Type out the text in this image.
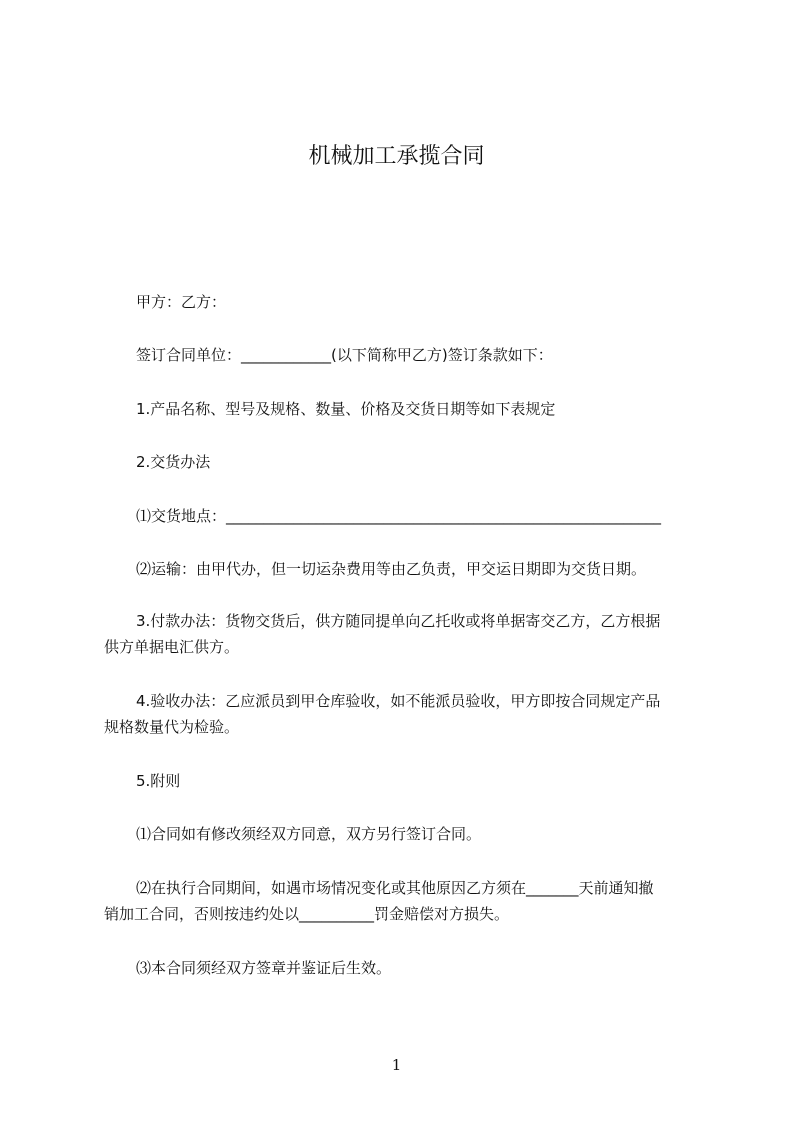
机械加工承揽合同
甲方：乙方：
签订合同单位：____________(以下简称甲乙方)签订条款如下：
1.产品名称、型号及规格、数量、价格及交货日期等如下表规定
2.交货办法
⑴交货地点：__________________________________________________________
⑵运输：由甲代办，但一切运杂费用等由乙负责，甲交运日期即为交货日期。
3.付款办法：货物交货后，供方随同提单向乙托收或将单据寄交乙方，乙方根据
供方单据电汇供方。
4.验收办法：乙应派员到甲仓库验收，如不能派员验收，甲方即按合同规定产品
规格数量代为检验。
5.附则
⑴合同如有修改须经双方同意，双方另行签订合同。
⑵在执行合同期间，如遇市场情况变化或其他原因乙方须在_______天前通知撤
销加工合同，否则按违约处以__________罚金赔偿对方损失。
⑶本合同须经双方签章并鉴证后生效。
1
